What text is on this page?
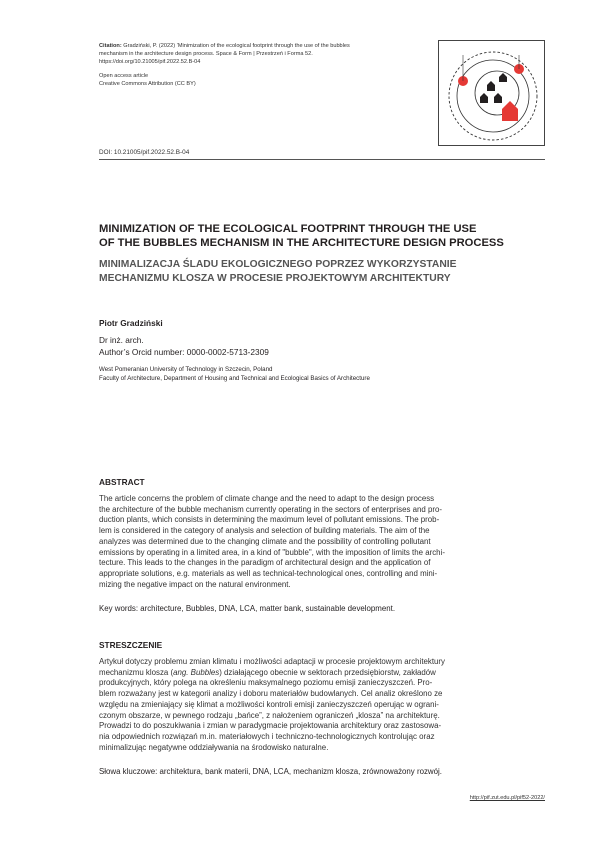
Citation: Gradziński, P. (2022) ‘Minimization of the ecological footprint through the use of the bubbles mechanism in the architecture design process. Space & Form | Przestrzeń i Forma 52. https://doi.org/10.21005/pif.2022.52.B-04
Open access article
Creative Commons Attribution (CC BY)
DOI: 10.21005/pif.2022.52.B-04
MINIMIZATION OF THE ECOLOGICAL FOOTPRINT THROUGH THE USE
OF THE BUBBLES MECHANISM IN THE ARCHITECTURE DESIGN PROCESS
MINIMALIZACJA ŚLADU EKOLOGICZNEGO POPRZEZ WYKORZYSTANIE
MECHANIZMU KLOSZA W PROCESIE PROJEKTOWYM ARCHITEKTURY
Piotr Gradziński
Dr inż. arch.
Author’s Orcid number: 0000-0002-5713-2309
West Pomeranian University of Technology in Szczecin, Poland
Faculty of Architecture, Department of Housing and Technical and Ecological Basics of Architecture
ABSTRACT
The article concerns the problem of climate change and the need to adapt to the design process
the architecture of the bubble mechanism currently operating in the sectors of enterprises and pro-
duction plants, which consists in determining the maximum level of pollutant emissions. The prob-
lem is considered in the category of analysis and selection of building materials. The aim of the
analyzes was determined due to the changing climate and the possibility of controlling pollutant
emissions by operating in a limited area, in a kind of "bubble", with the imposition of limits the archi-
tecture. This leads to the changes in the paradigm of architectural design and the application of
appropriate solutions, e.g. materials as well as technical-technological ones, controlling and mini-
mizing the negative impact on the natural environment.
Key words: architecture, Bubbles, DNA, LCA, matter bank, sustainable development.
STRESZCZENIE
Artykuł dotyczy problemu zmian klimatu i możliwości adaptacji w procesie projektowym architektury
mechanizmu klosza (ang. Bubbles) działającego obecnie w sektorach przedsiębiorstw, zakładów
produkcyjnych, który polega na określeniu maksymalnego poziomu emisji zanieczyszczeń. Pro-
blem rozważany jest w kategorii analizy i doboru materiałów budowlanych. Cel analiz określono ze
względu na zmieniający się klimat a możliwości kontroli emisji zanieczyszczeń operując w ograni-
czonym obszarze, w pewnego rodzaju „bańce”, z nałożeniem ograniczeń „klosza” na architekturę.
Prowadzi to do poszukiwania i zmian w paradygmacie projektowania architektury oraz zastosowa-
nia odpowiednich rozwiązań m.in. materiałowych i techniczno-technologicznych kontrolując oraz
minimalizując negatywne oddziaływania na środowisko naturalne.
Słowa kluczowe: architektura, bank materii, DNA, LCA, mechanizm klosza, zrównoważony rozwój.
http://pif.zut.edu.pl/pif52-2022/
